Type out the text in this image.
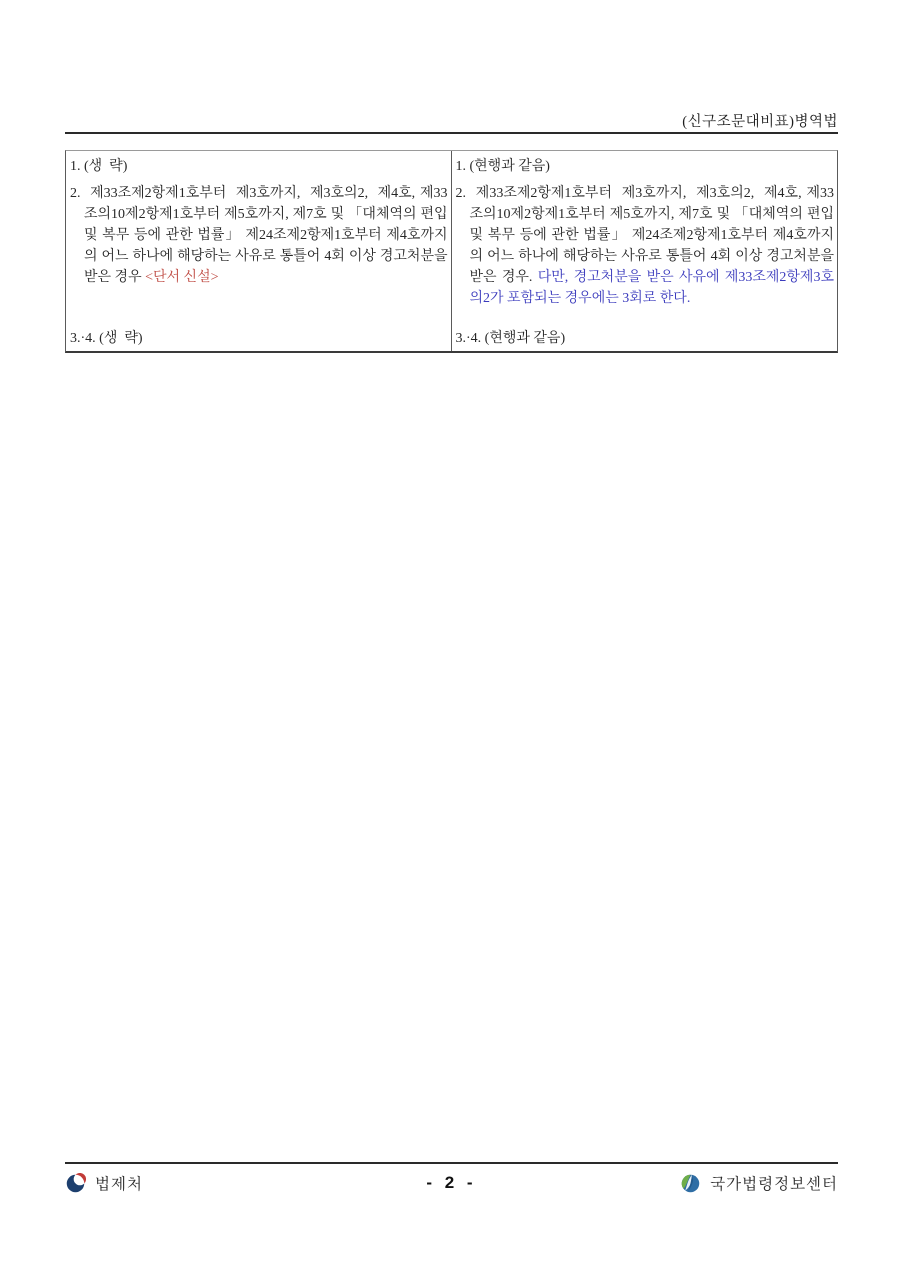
(신구조문대비표)병역법

1. (생  략)

2.  제33조제2항제1호부터  제3호까지,  제3호의2,  제4호, 제33조의10제2항제1호부터 제5호까지, 제7호 및 「대체역의 편입 및 복무 등에 관한 법률」 제24조제2항제1호부터 제4호까지의 어느 하나에 해당하는 사유로 통틀어 4회 이상 경고처분을 받은 경우 <단서 신설>

3.·4. (생  략)

1. (현행과 같음)

2.  제33조제2항제1호부터  제3호까지,  제3호의2,  제4호, 제33조의10제2항제1호부터 제5호까지, 제7호 및 「대체역의 편입 및 복무 등에 관한 법률」 제24조제2항제1호부터 제4호까지의 어느 하나에 해당하는 사유로 통틀어 4회 이상 경고처분을 받은 경우. 다만, 경고처분을 받은 사유에 제33조제2항제3호의2가 포함되는 경우에는 3회로 한다.

3.·4. (현행과 같음)

법제처	- 2 -	국가법령정보센터
